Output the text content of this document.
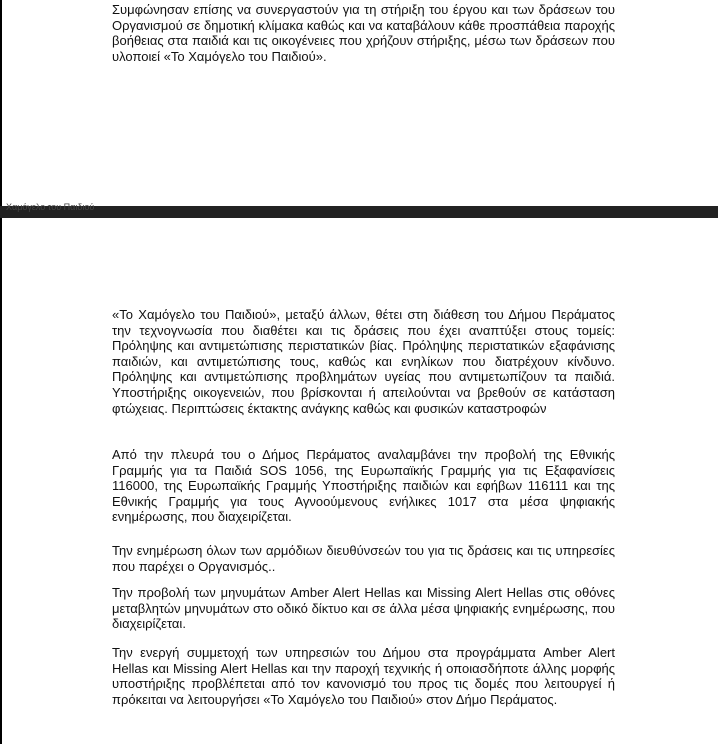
Συμφώνησαν επίσης να συνεργαστούν για τη στήριξη του έργου και των δράσεων του Οργανισμού σε δημοτική κλίμακα καθώς και να καταβάλουν κάθε προσπάθεια παροχής βοήθειας στα παιδιά και τις οικογένειες που χρήζουν στήριξης, μέσω των δράσεων που υλοποιεί «Το Χαμόγελο του Παιδιού».

Χαμόγελο του Παιδιού

«Το Χαμόγελο του Παιδιού», μεταξύ άλλων, θέτει στη διάθεση του Δήμου Περάματος την τεχνογνωσία που διαθέτει και τις δράσεις που έχει αναπτύξει στους τομείς: Πρόληψης και αντιμετώπισης περιστατικών βίας. Πρόληψης περιστατικών εξαφάνισης παιδιών, και αντιμετώπισης τους, καθώς και ενηλίκων που διατρέχουν κίνδυνο. Πρόληψης και αντιμετώπισης προβλημάτων υγείας που αντιμετωπίζουν τα παιδιά. Υποστήριξης οικογενειών, που βρίσκονται ή απειλούνται να βρεθούν σε κατάσταση φτώχειας. Περιπτώσεις έκτακτης ανάγκης καθώς και φυσικών καταστροφών

Από την πλευρά του ο Δήμος Περάματος αναλαμβάνει την προβολή της Εθνικής Γραμμής για τα Παιδιά SOS 1056, της Ευρωπαϊκής Γραμμής για τις Εξαφανίσεις 116000, της Ευρωπαϊκής Γραμμής Υποστήριξης παιδιών και εφήβων 116111 και της Εθνικής Γραμμής για τους Αγνοούμενους ενήλικες 1017 στα μέσα ψηφιακής ενημέρωσης, που διαχειρίζεται.

Την ενημέρωση όλων των αρμόδιων διευθύνσεών του για τις δράσεις και τις υπηρεσίες που παρέχει ο Οργανισμός..

Την προβολή των μηνυμάτων Amber Alert Hellas και Missing Alert Hellas στις οθόνες μεταβλητών μηνυμάτων στο οδικό δίκτυο και σε άλλα μέσα ψηφιακής ενημέρωσης, που διαχειρίζεται.

Την ενεργή συμμετοχή των υπηρεσιών του Δήμου στα προγράμματα Amber Alert Hellas και Missing Alert Hellas και την παροχή τεχνικής ή οποιασδήποτε άλλης μορφής υποστήριξης προβλέπεται από τον κανονισμό του προς τις δομές που λειτουργεί ή πρόκειται να λειτουργήσει «Το Χαμόγελο του Παιδιού» στον Δήμο Περάματος.
